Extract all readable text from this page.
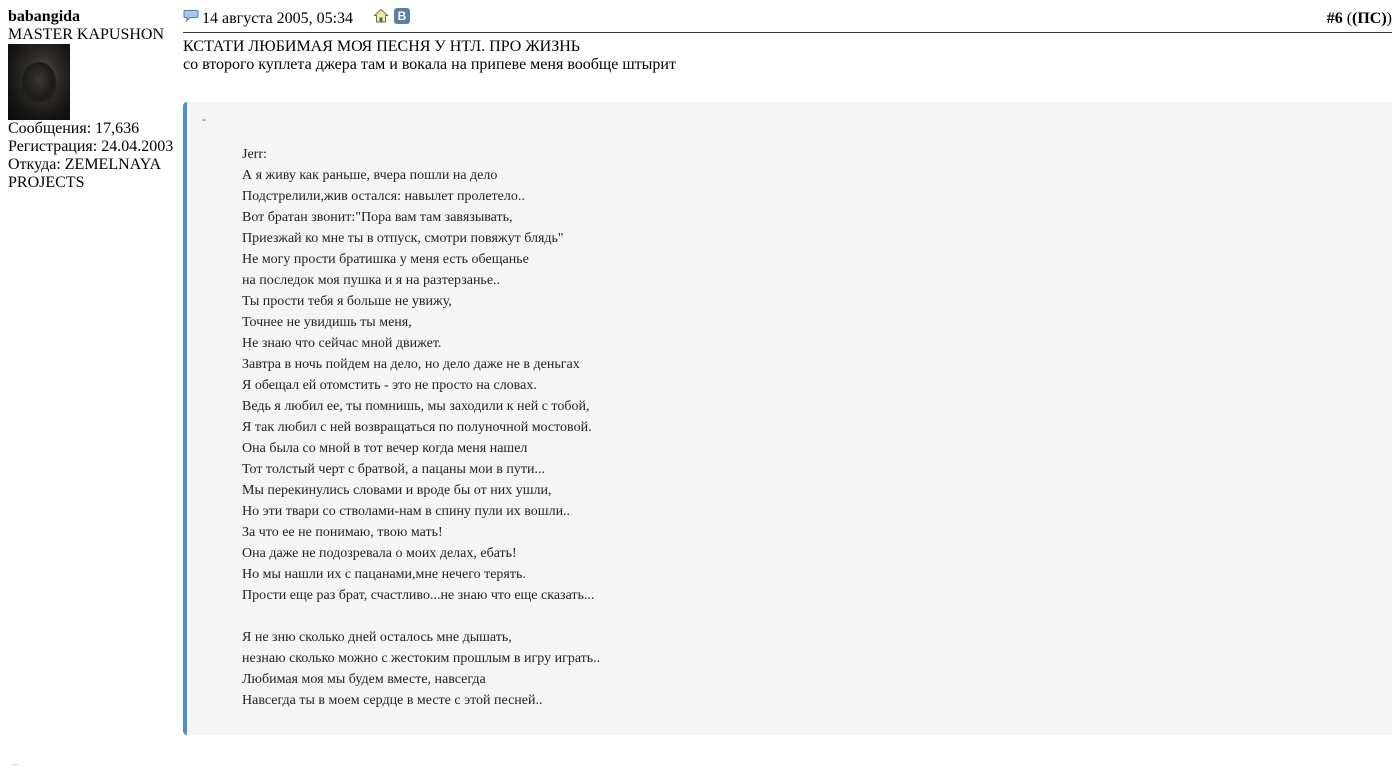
babangida
MASTER KAPUSHON
Сообщения: 17,636
Регистрация: 24.04.2003
Откуда: ZEMELNAYA PROJECTS
14 августа 2005, 05:34	B	#6 ((ПС))
КСТАТИ ЛЮБИМАЯ МОЯ ПЕСНЯ У НТЛ. ПРО ЖИЗНЬ
со второго куплета джера там и вокала на припеве меня вообще штырит
-
Jerr:
А я живу как раньше, вчера пошли на дело
Подстрелили,жив остался: навылет пролетело..
Вот братан звонит:"Пора вам там завязывать,
Приезжай ко мне ты в отпуск, смотри повяжут блядь"
Не могу прости братишка у меня есть обещанье
на последок моя пушка и я на разтерзанье..
Ты прости тебя я больше не увижу,
Точнее не увидишь ты меня,
Не знаю что сейчас мной движет.
Завтра в ночь пойдем на дело, но дело даже не в деньгах
Я обещал ей отомстить - это не просто на словах.
Ведь я любил ее, ты помнишь, мы заходили к ней с тобой,
Я так любил с ней возвращаться по полуночной мостовой.
Она была со мной в тот вечер когда меня нашел
Тот толстый черт с братвой, а пацаны мои в пути...
Мы перекинулись словами и вроде бы от них ушли,
Но эти твари со стволами-нам в спину пули их вошли..
За что ее не понимаю, твою мать!
Она даже не подозревала о моих делах, ебать!
Но мы нашли их с пацанами,мне нечего терять.
Прости еще раз брат, счастливо...не знаю что еще сказать...
Я не зню сколько дней осталось мне дышать,
незнаю сколько можно с жестоким прошлым в игру играть..
Любимая моя мы будем вместе, навсегда
Навсегда ты в моем сердце в месте с этой песней..
...
